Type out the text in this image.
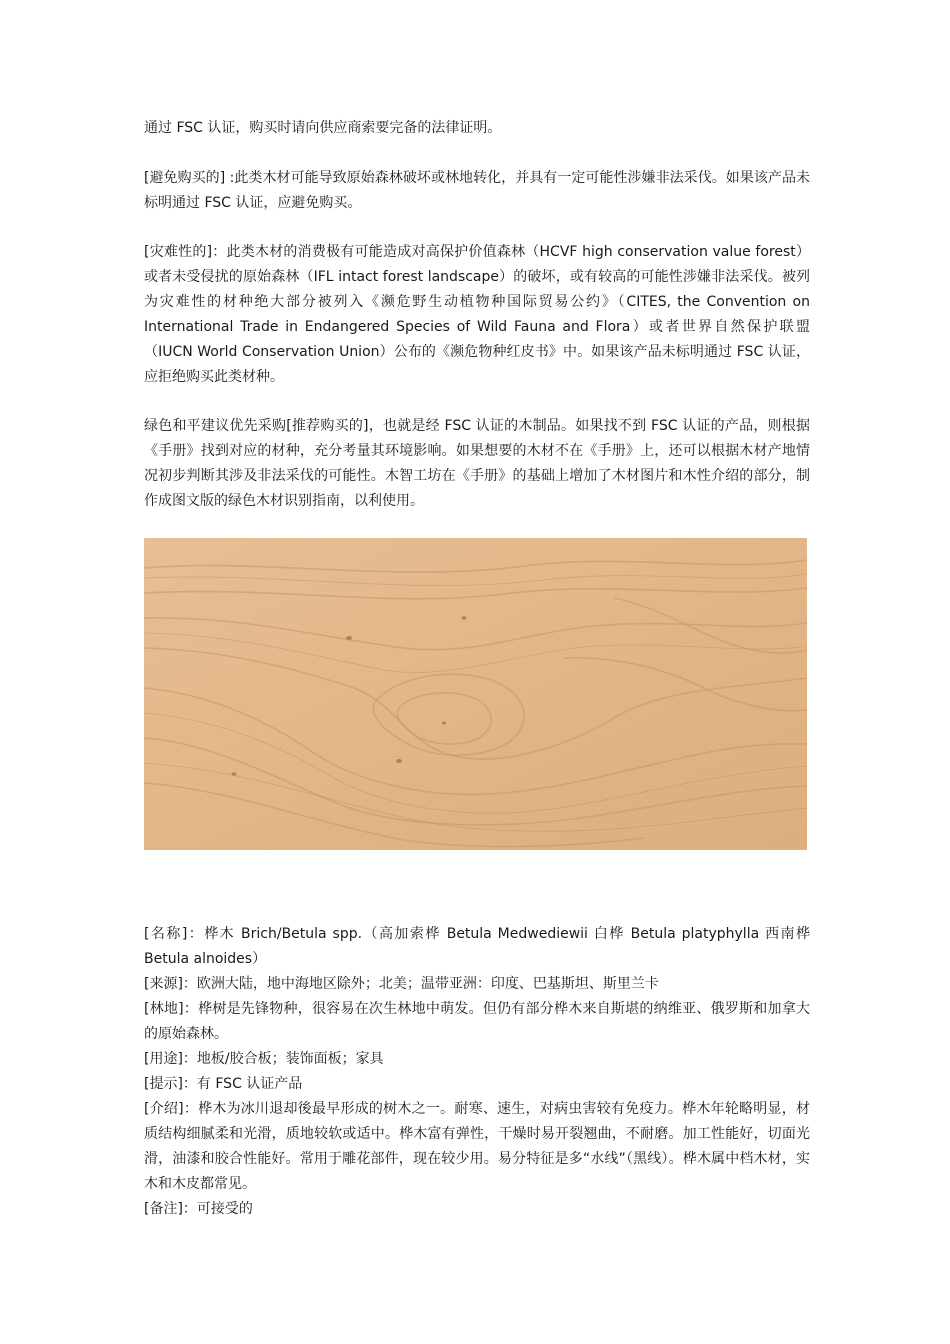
通过 FSC 认证，购买时请向供应商索要完备的法律证明。

[避免购买的] :此类木材可能导致原始森林破坏或林地转化，并具有一定可能性涉嫌非法采伐。如果该产品未标明通过 FSC 认证，应避免购买。

[灾难性的]：此类木材的消费极有可能造成对高保护价值森林（HCVF high conservation value forest）或者未受侵扰的原始森林（IFL intact forest landscape）的破坏，或有较高的可能性涉嫌非法采伐。被列为灾难性的材种绝大部分被列入《濒危野生动植物种国际贸易公约》（CITES, the Convention on International Trade in Endangered Species of Wild Fauna and Flora）或者世界自然保护联盟（IUCN World Conservation Union）公布的《濒危物种红皮书》中。如果该产品未标明通过 FSC 认证，应拒绝购买此类材种。

绿色和平建议优先采购[推荐购买的]，也就是经 FSC 认证的木制品。如果找不到 FSC 认证的产品，则根据《手册》找到对应的材种，充分考量其环境影响。如果想要的木材不在《手册》上，还可以根据木材产地情况初步判断其涉及非法采伐的可能性。木智工坊在《手册》的基础上增加了木材图片和木性介绍的部分，制作成图文版的绿色木材识别指南，以利使用。

[名称]：桦木 Brich/Betula spp.（高加索桦 Betula Medwediewii 白桦 Betula platyphylla 西南桦 Betula alnoides）
[来源]：欧洲大陆，地中海地区除外；北美；温带亚洲：印度、巴基斯坦、斯里兰卡
[林地]：桦树是先锋物种，很容易在次生林地中萌发。但仍有部分桦木来自斯堪的纳维亚、俄罗斯和加拿大的原始森林。
[用途]：地板/胶合板；装饰面板；家具
[提示]：有 FSC 认证产品
[介绍]：桦木为冰川退却後最早形成的树木之一。耐寒、速生，对病虫害较有免疫力。桦木年轮略明显，材质结构细腻柔和光滑，质地较软或适中。桦木富有弹性，干燥时易开裂翘曲，不耐磨。加工性能好，切面光滑，油漆和胶合性能好。常用于雕花部件，现在较少用。易分特征是多“水线”（黑线）。桦木属中档木材，实木和木皮都常见。
[备注]：可接受的
